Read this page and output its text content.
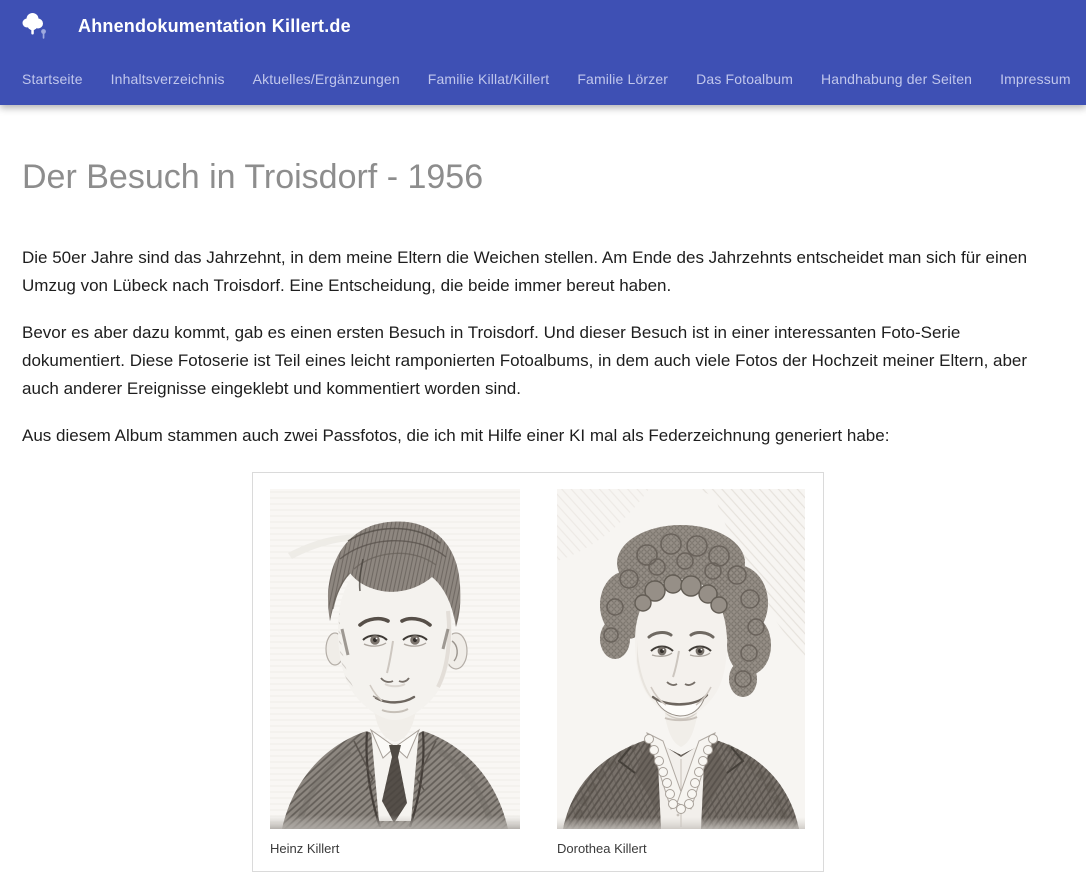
Ahnendokumentation Killert.de
Startseite Inhaltsverzeichnis Aktuelles/Ergänzungen Familie Killat/Killert Familie Lörzer Das Fotoalbum Handhabung der Seiten Impressum
Der Besuch in Troisdorf - 1956

Die 50er Jahre sind das Jahrzehnt, in dem meine Eltern die Weichen stellen. Am Ende des Jahrzehnts entscheidet man sich für einen Umzug von Lübeck nach Troisdorf. Eine Entscheidung, die beide immer bereut haben.

Bevor es aber dazu kommt, gab es einen ersten Besuch in Troisdorf. Und dieser Besuch ist in einer interessanten Foto-Serie dokumentiert. Diese Fotoserie ist Teil eines leicht ramponierten Fotoalbums, in dem auch viele Fotos der Hochzeit meiner Eltern, aber auch anderer Ereignisse eingeklebt und kommentiert worden sind.

Aus diesem Album stammen auch zwei Passfotos, die ich mit Hilfe einer KI mal als Federzeichnung generiert habe:

Heinz Killert	Dorothea Killert
